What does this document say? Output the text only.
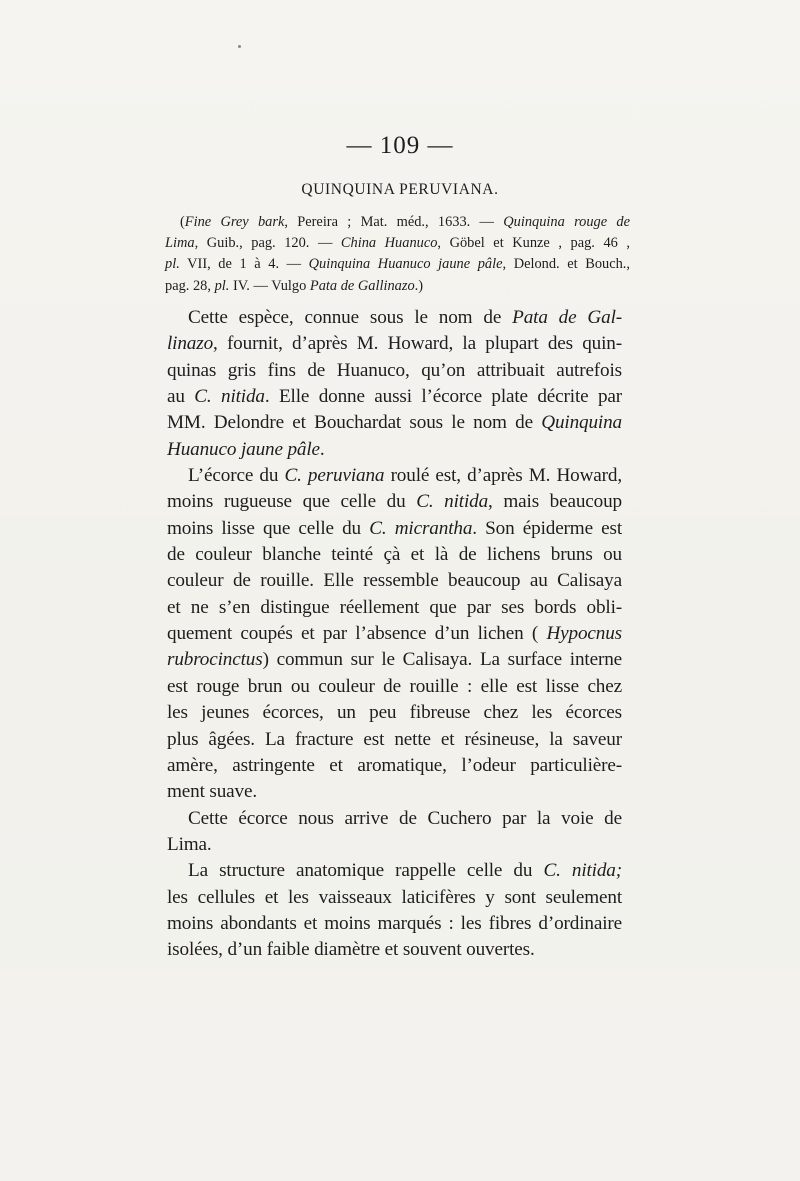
— 109 —
QUINQUINA PERUVIANA.
(Fine Grey bark, Pereira ; Mat. méd., 1633. — Quinquina rouge de
Lima, Guib., pag. 120. — China Huanuco, Göbel et Kunze , pag. 46 ,
pl. VII, de 1 à 4. — Quinquina Huanuco jaune pâle, Delond. et Bouch.,
pag. 28, pl. IV. — Vulgo Pata de Gallinazo.)
Cette espèce, connue sous le nom de Pata de Gal-
linazo, fournit, d’après M. Howard, la plupart des quin-
quinas gris fins de Huanuco, qu’on attribuait autrefois
au C. nitida. Elle donne aussi l’écorce plate décrite par
MM. Delondre et Bouchardat sous le nom de Quinquina
Huanuco jaune pâle.
L’écorce du C. peruviana roulé est, d’après M. Howard,
moins rugueuse que celle du C. nitida, mais beaucoup
moins lisse que celle du C. micrantha. Son épiderme est
de couleur blanche teinté çà et là de lichens bruns ou
couleur de rouille. Elle ressemble beaucoup au Calisaya
et ne s’en distingue réellement que par ses bords obli-
quement coupés et par l’absence d’un lichen ( Hypocnus
rubrocinctus) commun sur le Calisaya. La surface interne
est rouge brun ou couleur de rouille : elle est lisse chez
les jeunes écorces, un peu fibreuse chez les écorces
plus âgées. La fracture est nette et résineuse, la saveur
amère, astringente et aromatique, l’odeur particulière-
ment suave.
Cette écorce nous arrive de Cuchero par la voie de
Lima.
La structure anatomique rappelle celle du C. nitida;
les cellules et les vaisseaux laticifères y sont seulement
moins abondants et moins marqués : les fibres d’ordinaire
isolées, d’un faible diamètre et souvent ouvertes.
